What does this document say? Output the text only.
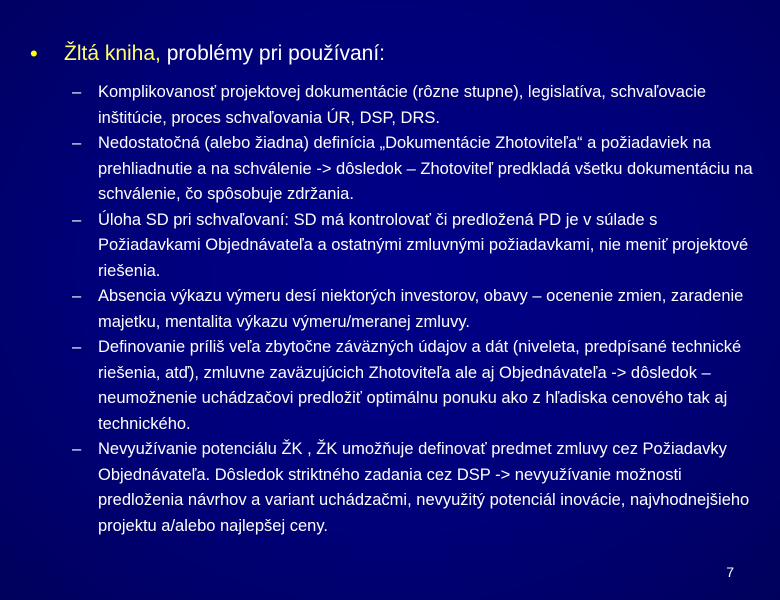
•	Žltá kniha, problémy pri používaní:
–	Komplikovanosť projektovej dokumentácie (rôzne stupne), legislatíva, schvaľovacie inštitúcie, proces schvaľovania ÚR, DSP, DRS.
–	Nedostatočná (alebo žiadna) definícia „Dokumentácie Zhotoviteľa“ a požiadaviek na prehliadnutie a na schválenie -> dôsledok – Zhotoviteľ predkladá všetku dokumentáciu na schválenie, čo spôsobuje zdržania.
–	Úloha SD pri schvaľovaní: SD má kontrolovať či predložená PD je v súlade s Požiadavkami Objednávateľa a ostatnými zmluvnými požiadavkami, nie meniť projektové riešenia.
–	Absencia výkazu výmeru desí niektorých investorov, obavy – ocenenie zmien, zaradenie majetku, mentalita výkazu výmeru/meranej zmluvy.
–	Definovanie príliš veľa zbytočne záväzných údajov a dát (niveleta, predpísané technické riešenia, atď), zmluvne zaväzujúcich Zhotoviteľa ale aj Objednávateľa -> dôsledok – neumožnenie uchádzačovi predložiť optimálnu ponuku ako z hľadiska cenového tak aj technického.
–	Nevyužívanie potenciálu ŽK , ŽK umožňuje definovať predmet zmluvy cez Požiadavky Objednávateľa. Dôsledok striktného zadania cez DSP -> nevyužívanie možnosti predloženia návrhov a variant uchádzačmi, nevyužitý potenciál inovácie, najvhodnejšieho projektu a/alebo najlepšej ceny.
7
